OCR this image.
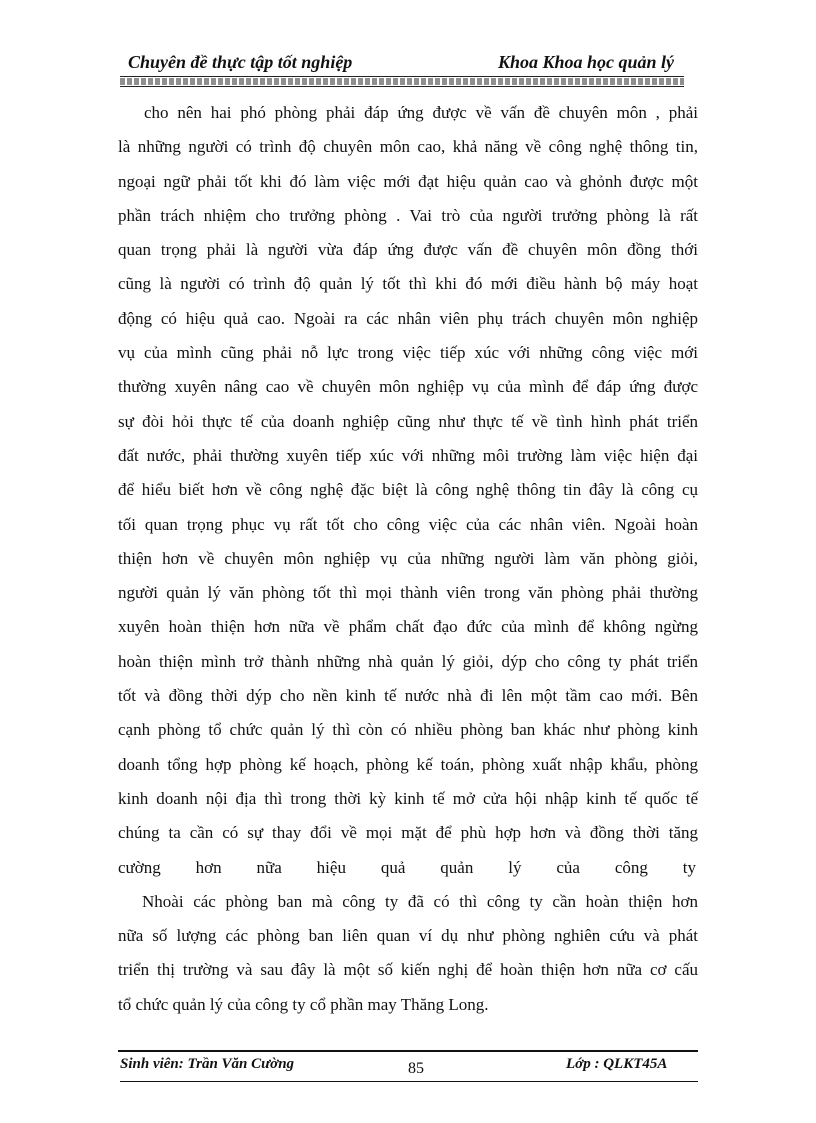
Chuyên đề thực tập tốt nghiệp	Khoa Khoa học quản lý
cho nên hai phó phòng phải đáp ứng được về vấn đề chuyên môn , phải
là những người có trình độ chuyên môn cao, khả năng về công nghệ thông tin,
ngoại ngữ phải tốt khi đó làm việc mới đạt hiệu quản cao và ghỏnh được một
phần trách nhiệm cho trưởng phòng . Vai trò của người trưởng phòng là rất
quan trọng phải là người vừa đáp ứng được vấn đề chuyên môn đồng thới
cũng là người có trình độ quản lý tốt thì khi đó mới điều hành bộ máy hoạt
động có hiệu quả cao. Ngoài ra các nhân viên phụ trách chuyên môn nghiệp
vụ của mình cũng phải nỗ lực trong việc tiếp xúc với những công việc mới
thường xuyên nâng cao về chuyên môn nghiệp vụ của mình để đáp ứng được
sự đòi hỏi thực tế của doanh nghiệp cũng như thực tế về tình hình phát triển
đất nước, phải thường xuyên tiếp xúc với những môi trường làm việc hiện đại
để hiểu biết hơn về công nghệ đặc biệt là công nghệ thông tin đây là công cụ
tối quan trọng phục vụ rất tốt cho công việc của các nhân viên. Ngoài hoàn
thiện hơn về chuyên môn nghiệp vụ của những người làm văn phòng giỏi,
người quản lý văn phòng tốt thì mọi thành viên trong văn phòng phải thường
xuyên hoàn thiện hơn nữa về phẩm chất đạo đức của mình để không ngừng
hoàn thiện mình trở thành những nhà quản lý giỏi, dýp cho công ty phát triển
tốt và đồng thời dýp cho nền kinh tế nước nhà đi lên một tầm cao mới. Bên
cạnh phòng tổ chức quản lý thì còn có nhiều phòng ban khác như phòng kinh
doanh tổng hợp phòng kế hoạch, phòng kế toán, phòng xuất nhập khẩu, phòng
kinh doanh nội địa thì trong thời kỳ kinh tế mở cửa hội nhập kinh tế quốc tế
chúng ta cần có sự thay đổi về mọi mặt để phù hợp hơn và đồng thời tăng
cường hơn nữa hiệu quả quản lý của công ty
Nhoài các phòng ban mà công ty đã có thì công ty cần hoàn thiện hơn
nữa số lượng các phòng ban liên quan ví dụ như phòng nghiên cứu và phát
triển thị trường và sau đây là một số kiến nghị để hoàn thiện hơn nữa cơ cấu
tổ chức quản lý của công ty cổ phần may Thăng Long.
Sinh viên: Trần Văn Cường	85	Lớp : QLKT45A
